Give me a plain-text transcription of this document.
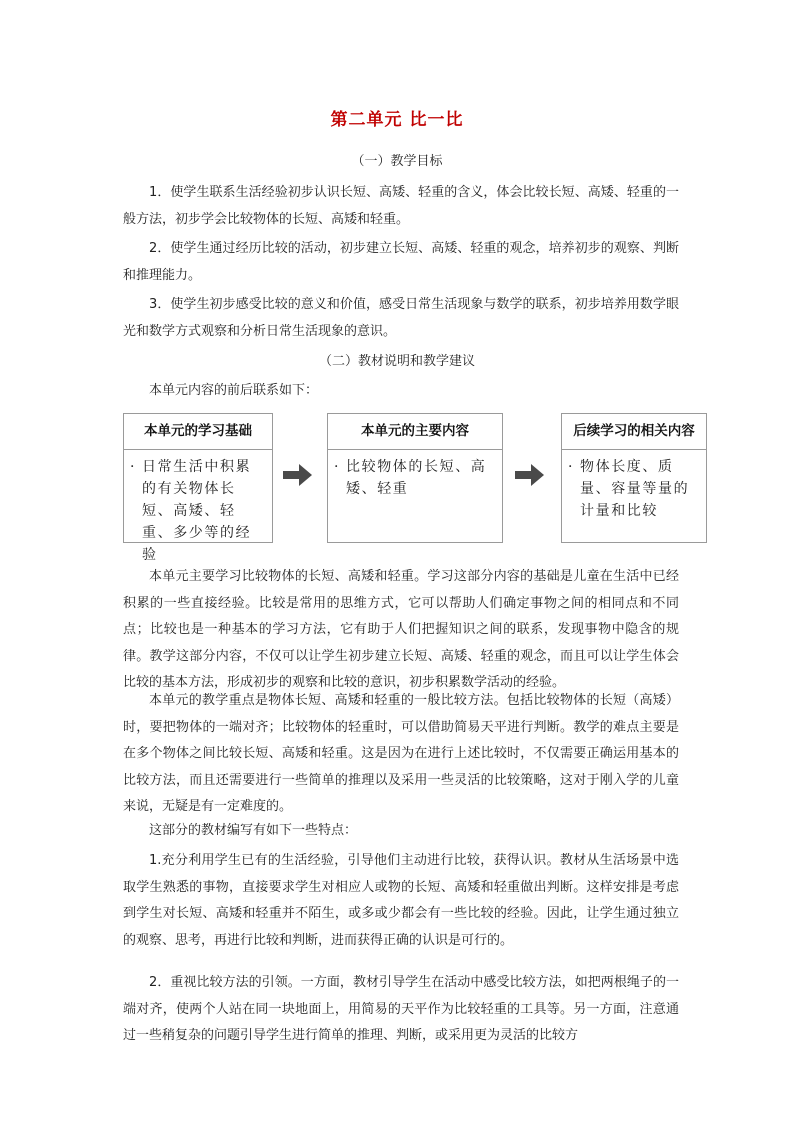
第二单元 比一比
（一）教学目标

1．使学生联系生活经验初步认识长短、高矮、轻重的含义，体会比较长短、高矮、轻重的一般方法，初步学会比较物体的长短、高矮和轻重。

2．使学生通过经历比较的活动，初步建立长短、高矮、轻重的观念，培养初步的观察、判断和推理能力。

3．使学生初步感受比较的意义和价值，感受日常生活现象与数学的联系，初步培养用数学眼光和数学方式观察和分析日常生活现象的意识。

（二）教材说明和教学建议

本单元内容的前后联系如下：

本单元的学习基础
· 日常生活中积累的有关物体长短、高矮、轻重、多少等的经验
本单元的主要内容
· 比较物体的长短、高矮、轻重
后续学习的相关内容
· 物体长度、质量、容量等量的计量和比较

本单元主要学习比较物体的长短、高矮和轻重。学习这部分内容的基础是儿童在生活中已经积累的一些直接经验。比较是常用的思维方式，它可以帮助人们确定事物之间的相同点和不同点；比较也是一种基本的学习方法，它有助于人们把握知识之间的联系，发现事物中隐含的规律。教学这部分内容，不仅可以让学生初步建立长短、高矮、轻重的观念，而且可以让学生体会比较的基本方法，形成初步的观察和比较的意识，初步积累数学活动的经验。

本单元的教学重点是物体长短、高矮和轻重的一般比较方法。包括比较物体的长短（高矮）时，要把物体的一端对齐；比较物体的轻重时，可以借助简易天平进行判断。教学的难点主要是在多个物体之间比较长短、高矮和轻重。这是因为在进行上述比较时，不仅需要正确运用基本的比较方法，而且还需要进行一些简单的推理以及采用一些灵活的比较策略，这对于刚入学的儿童来说，无疑是有一定难度的。

这部分的教材编写有如下一些特点：

1.充分利用学生已有的生活经验，引导他们主动进行比较，获得认识。教材从生活场景中选取学生熟悉的事物，直接要求学生对相应人或物的长短、高矮和轻重做出判断。这样安排是考虑到学生对长短、高矮和轻重并不陌生，或多或少都会有一些比较的经验。因此，让学生通过独立的观察、思考，再进行比较和判断，进而获得正确的认识是可行的。

2．重视比较方法的引领。一方面，教材引导学生在活动中感受比较方法，如把两根绳子的一端对齐，使两个人站在同一块地面上，用简易的天平作为比较轻重的工具等。另一方面，注意通过一些稍复杂的问题引导学生进行简单的推理、判断，或采用更为灵活的比较方
